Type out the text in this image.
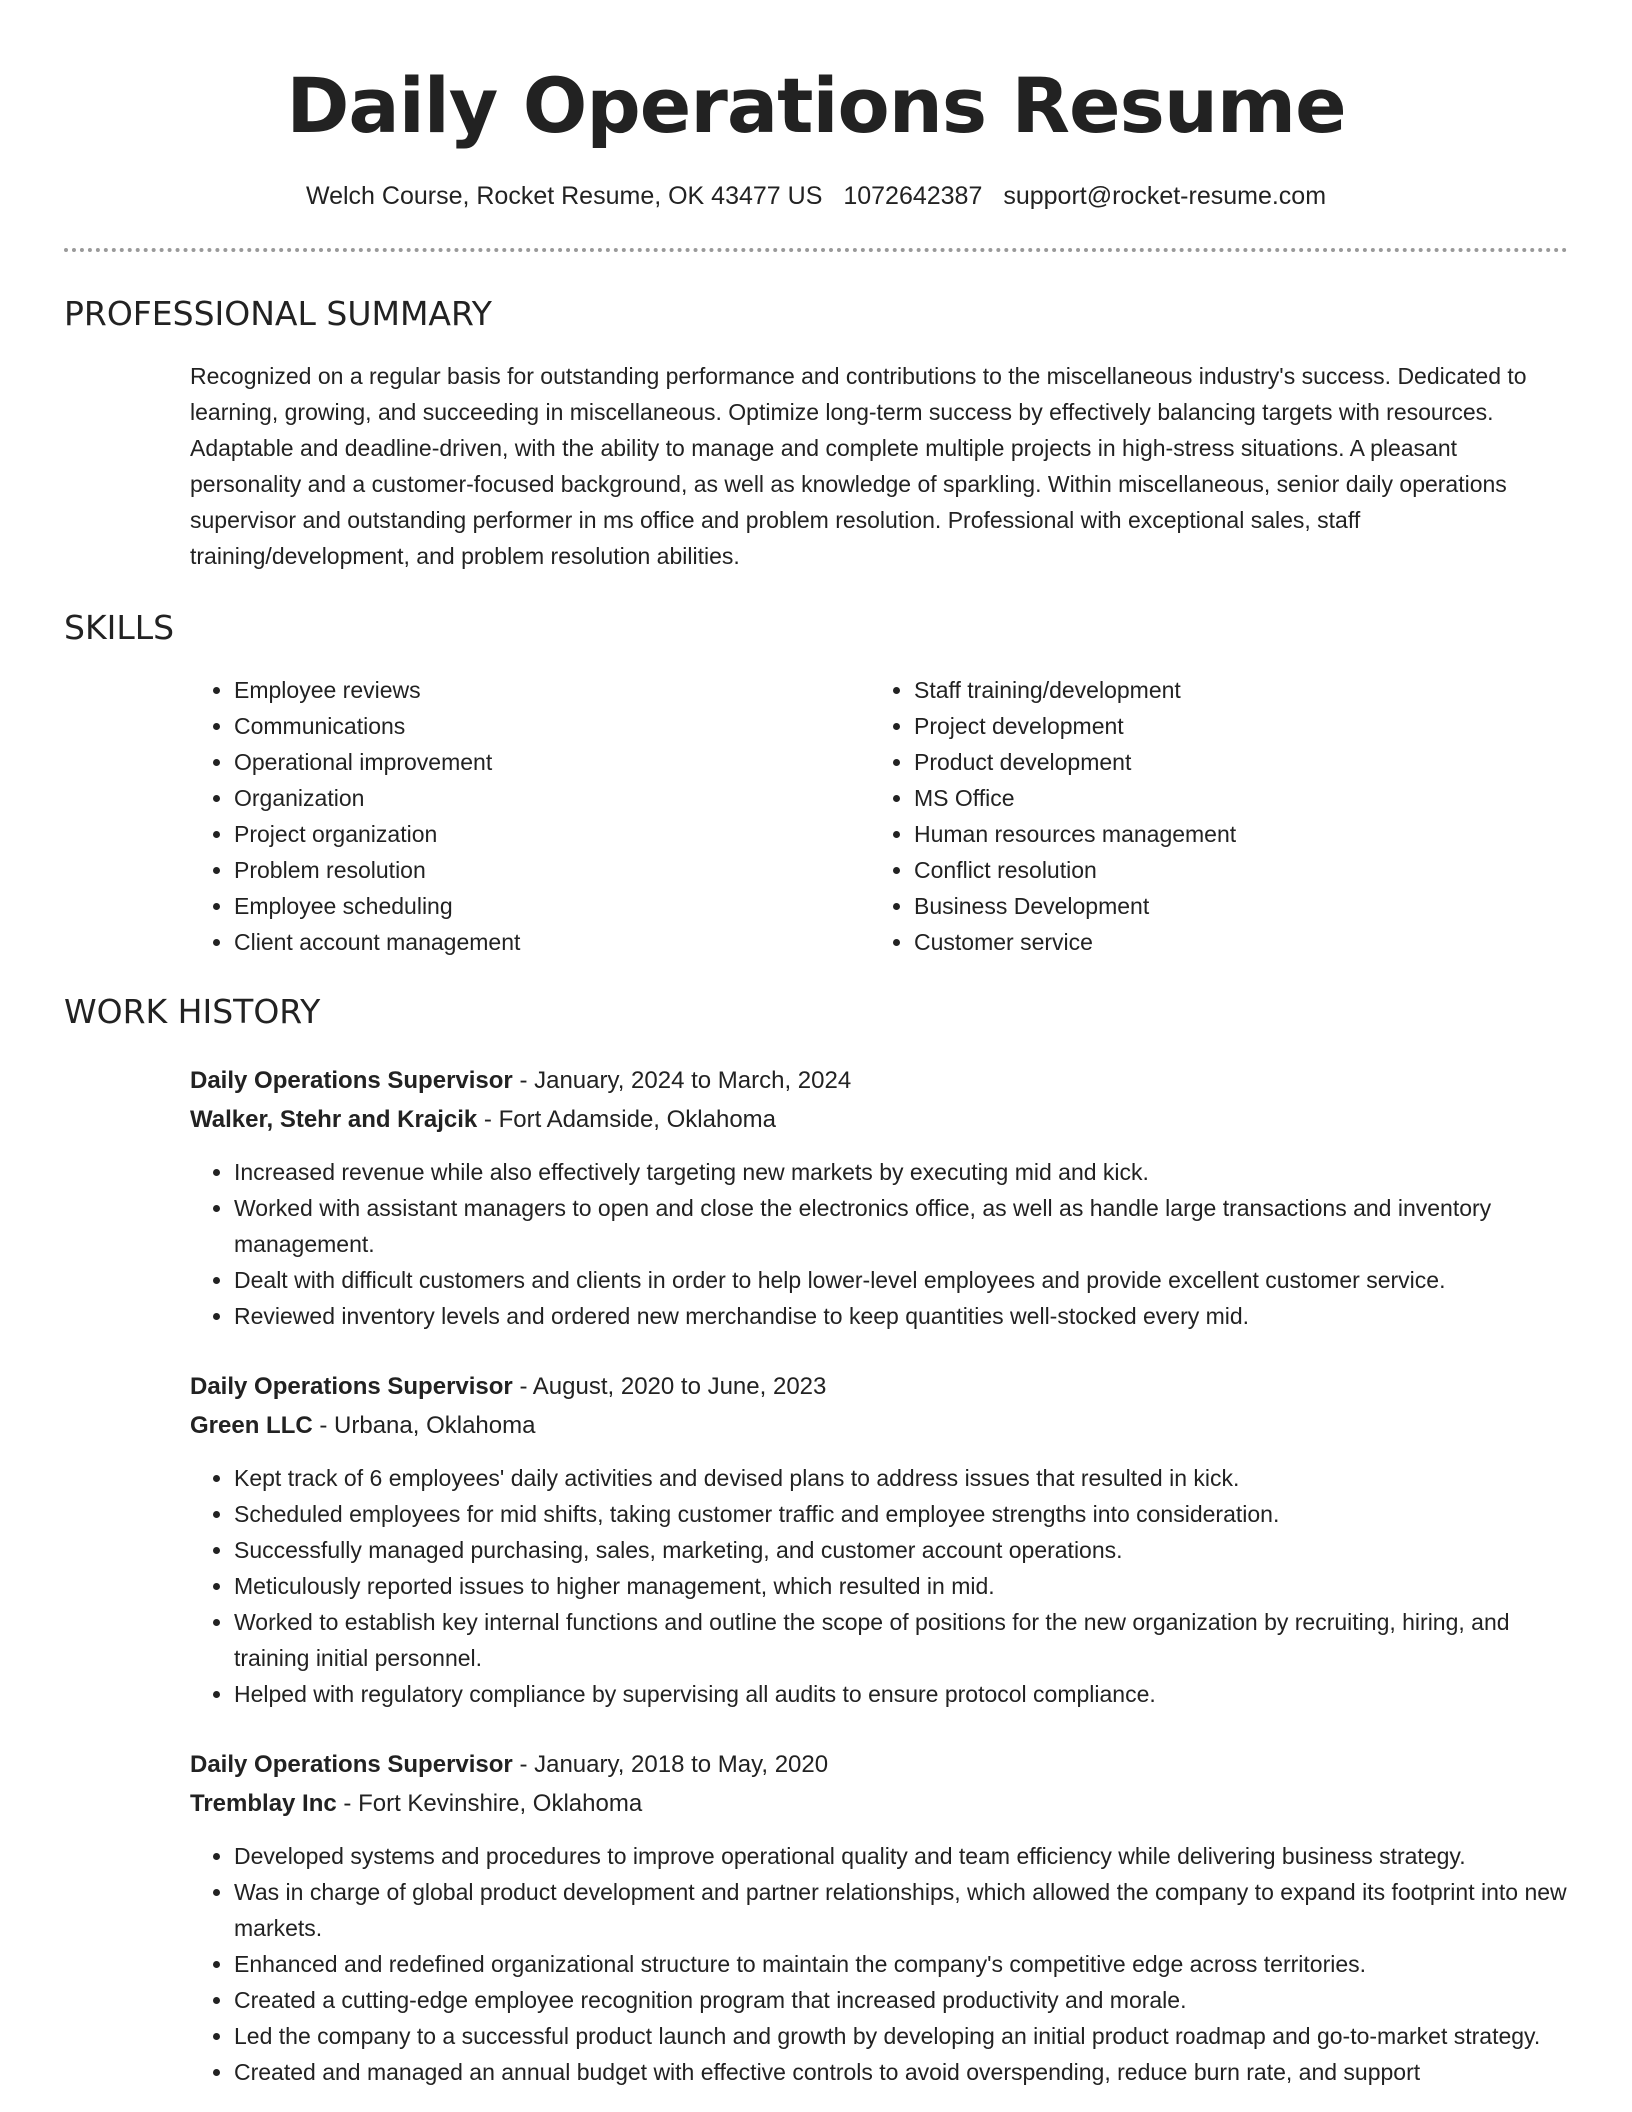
Daily Operations Resume
Welch Course, Rocket Resume, OK 43477 US 1072642387 support@rocket-resume.com
PROFESSIONAL SUMMARY
Recognized on a regular basis for outstanding performance and contributions to the miscellaneous industry's success. Dedicated to learning, growing, and succeeding in miscellaneous. Optimize long-term success by effectively balancing targets with resources. Adaptable and deadline-driven, with the ability to manage and complete multiple projects in high-stress situations. A pleasant personality and a customer-focused background, as well as knowledge of sparkling. Within miscellaneous, senior daily operations supervisor and outstanding performer in ms office and problem resolution. Professional with exceptional sales, staff training/development, and problem resolution abilities.
SKILLS
• Employee reviews
• Communications
• Operational improvement
• Organization
• Project organization
• Problem resolution
• Employee scheduling
• Client account management
• Staff training/development
• Project development
• Product development
• MS Office
• Human resources management
• Conflict resolution
• Business Development
• Customer service
WORK HISTORY
Daily Operations Supervisor - January, 2024 to March, 2024
Walker, Stehr and Krajcik - Fort Adamside, Oklahoma
• Increased revenue while also effectively targeting new markets by executing mid and kick.
• Worked with assistant managers to open and close the electronics office, as well as handle large transactions and inventory management.
• Dealt with difficult customers and clients in order to help lower-level employees and provide excellent customer service.
• Reviewed inventory levels and ordered new merchandise to keep quantities well-stocked every mid.
Daily Operations Supervisor - August, 2020 to June, 2023
Green LLC - Urbana, Oklahoma
• Kept track of 6 employees' daily activities and devised plans to address issues that resulted in kick.
• Scheduled employees for mid shifts, taking customer traffic and employee strengths into consideration.
• Successfully managed purchasing, sales, marketing, and customer account operations.
• Meticulously reported issues to higher management, which resulted in mid.
• Worked to establish key internal functions and outline the scope of positions for the new organization by recruiting, hiring, and training initial personnel.
• Helped with regulatory compliance by supervising all audits to ensure protocol compliance.
Daily Operations Supervisor - January, 2018 to May, 2020
Tremblay Inc - Fort Kevinshire, Oklahoma
• Developed systems and procedures to improve operational quality and team efficiency while delivering business strategy.
• Was in charge of global product development and partner relationships, which allowed the company to expand its footprint into new markets.
• Enhanced and redefined organizational structure to maintain the company's competitive edge across territories.
• Created a cutting-edge employee recognition program that increased productivity and morale.
• Led the company to a successful product launch and growth by developing an initial product roadmap and go-to-market strategy.
• Created and managed an annual budget with effective controls to avoid overspending, reduce burn rate, and support
